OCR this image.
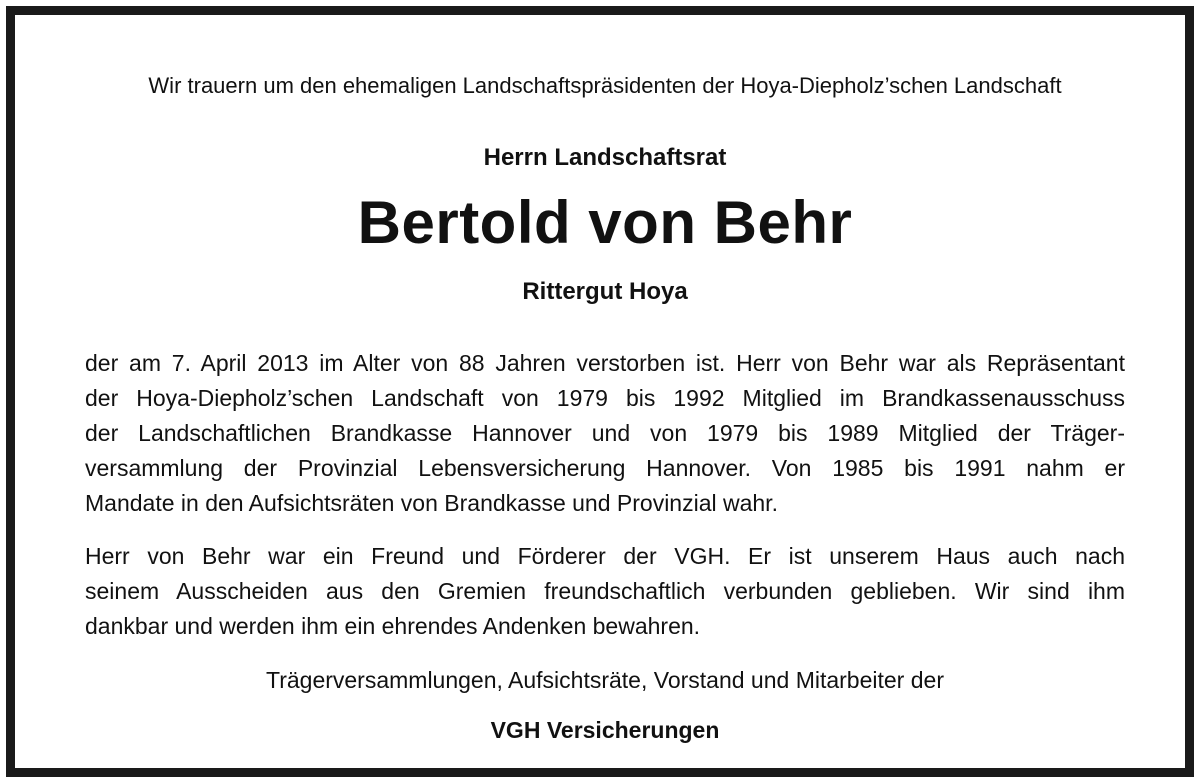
Wir trauern um den ehemaligen Landschaftspräsidenten der Hoya-Diepholz’schen Landschaft
Herrn Landschaftsrat
Bertold von Behr
Rittergut Hoya
der am 7. April 2013 im Alter von 88 Jahren verstorben ist. Herr von Behr war als Repräsentant
der Hoya-Diepholz’schen Landschaft von 1979 bis 1992 Mitglied im Brandkassenausschuss
der Landschaftlichen Brandkasse Hannover und von 1979 bis 1989 Mitglied der Träger-
versammlung der Provinzial Lebensversicherung Hannover. Von 1985 bis 1991 nahm er
Mandate in den Aufsichtsräten von Brandkasse und Provinzial wahr.
Herr von Behr war ein Freund und Förderer der VGH. Er ist unserem Haus auch nach
seinem Ausscheiden aus den Gremien freundschaftlich verbunden geblieben. Wir sind ihm
dankbar und werden ihm ein ehrendes Andenken bewahren.
Trägerversammlungen, Aufsichtsräte, Vorstand und Mitarbeiter der
VGH Versicherungen
